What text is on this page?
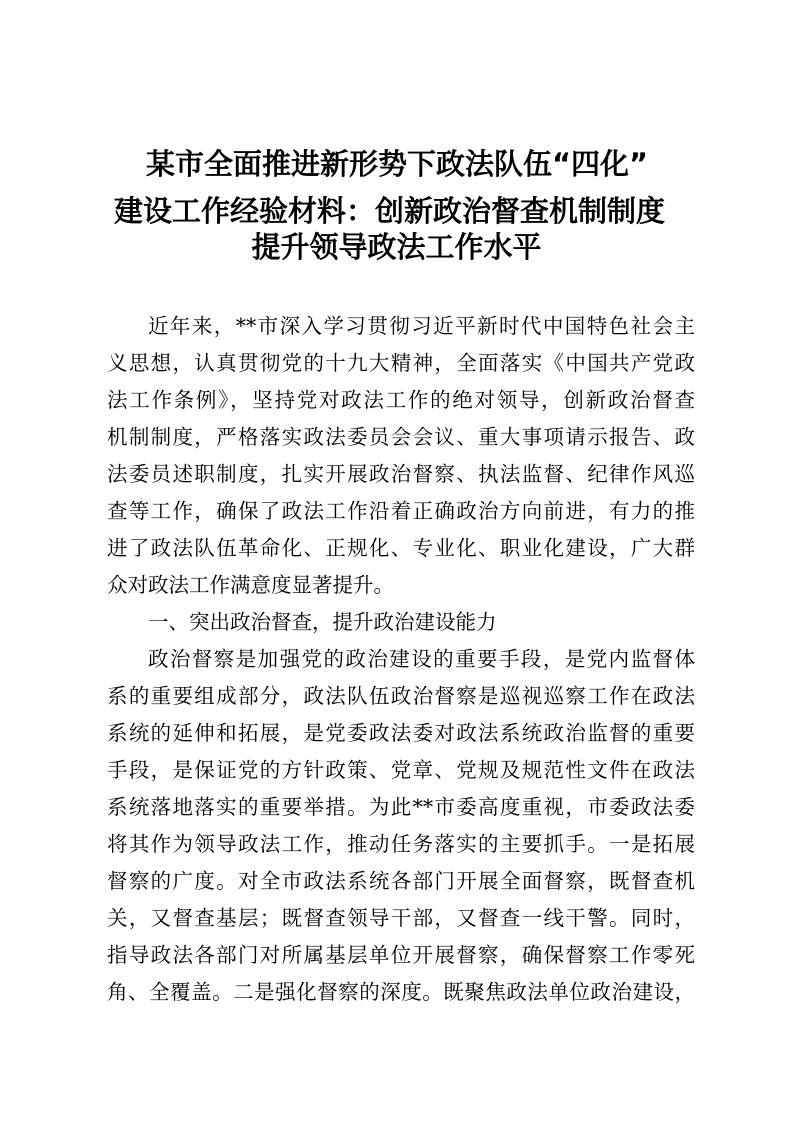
某市全面推进新形势下政法队伍“四化”
建设工作经验材料：创新政治督查机制制度
提升领导政法工作水平
近年来，**市深入学习贯彻习近平新时代中国特色社会主
义思想，认真贯彻党的十九大精神，全面落实《中国共产党政
法工作条例》，坚持党对政法工作的绝对领导，创新政治督查
机制制度，严格落实政法委员会会议、重大事项请示报告、政
法委员述职制度，扎实开展政治督察、执法监督、纪律作风巡
查等工作，确保了政法工作沿着正确政治方向前进，有力的推
进了政法队伍革命化、正规化、专业化、职业化建设，广大群
众对政法工作满意度显著提升。
一、突出政治督查，提升政治建设能力
政治督察是加强党的政治建设的重要手段，是党内监督体
系的重要组成部分，政法队伍政治督察是巡视巡察工作在政法
系统的延伸和拓展，是党委政法委对政法系统政治监督的重要
手段，是保证党的方针政策、党章、党规及规范性文件在政法
系统落地落实的重要举措。为此**市委高度重视，市委政法委
将其作为领导政法工作，推动任务落实的主要抓手。一是拓展
督察的广度。对全市政法系统各部门开展全面督察，既督查机
关，又督查基层；既督查领导干部，又督查一线干警。同时，
指导政法各部门对所属基层单位开展督察，确保督察工作零死
角、全覆盖。二是强化督察的深度。既聚焦政法单位政治建设，
